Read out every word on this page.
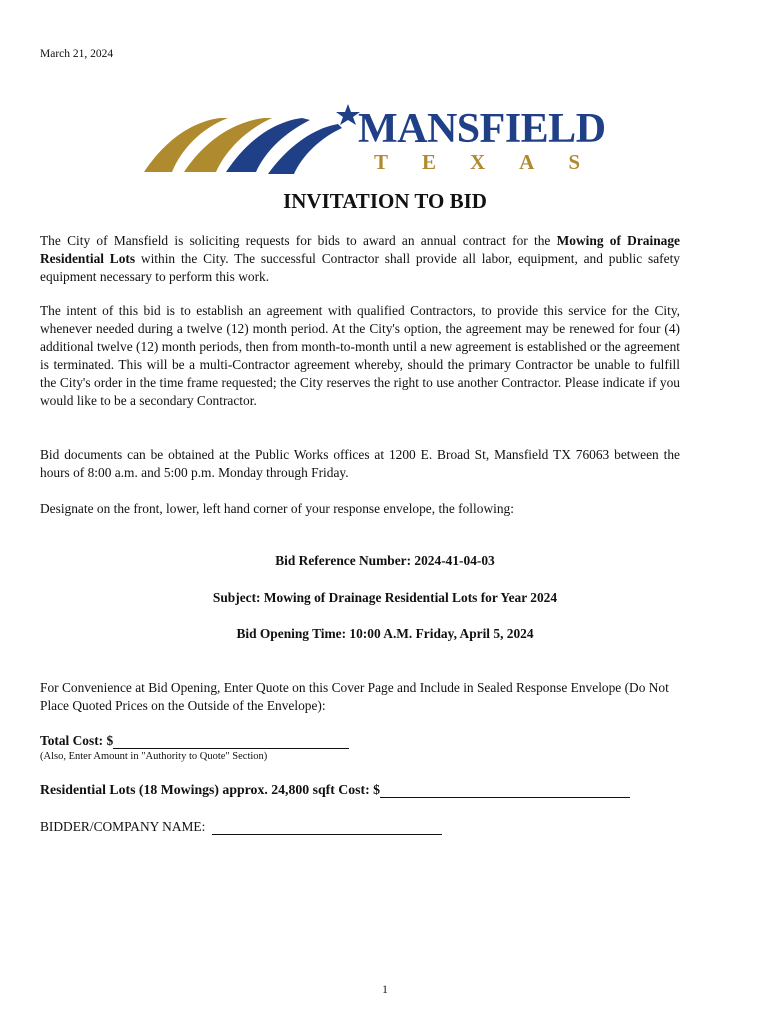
March 21, 2024
MANSFIELD
TEXAS
INVITATION TO BID

The City of Mansfield is soliciting requests for bids to award an annual contract for the Mowing of Drainage Residential Lots within the City. The successful Contractor shall provide all labor, equipment, and public safety equipment necessary to perform this work.

The intent of this bid is to establish an agreement with qualified Contractors, to provide this service for the City, whenever needed during a twelve (12) month period. At the City's option, the agreement may be renewed for four (4) additional twelve (12) month periods, then from month-to-month until a new agreement is established or the agreement is terminated. This will be a multi-Contractor agreement whereby, should the primary Contractor be unable to fulfill the City's order in the time frame requested; the City reserves the right to use another Contractor. Please indicate if you would like to be a secondary Contractor.

Bid documents can be obtained at the Public Works offices at 1200 E. Broad St, Mansfield TX 76063 between the hours of 8:00 a.m. and 5:00 p.m. Monday through Friday.

Designate on the front, lower, left hand corner of your response envelope, the following:

Bid Reference Number: 2024-41-04-03
Subject: Mowing of Drainage Residential Lots for Year 2024
Bid Opening Time: 10:00 A.M. Friday, April 5, 2024

For Convenience at Bid Opening, Enter Quote on this Cover Page and Include in Sealed Response Envelope (Do Not Place Quoted Prices on the Outside of the Envelope):

Total Cost: $
(Also, Enter Amount in "Authority to Quote" Section)
Residential Lots (18 Mowings) approx. 24,800 sqft Cost: $
BIDDER/COMPANY NAME:
1
